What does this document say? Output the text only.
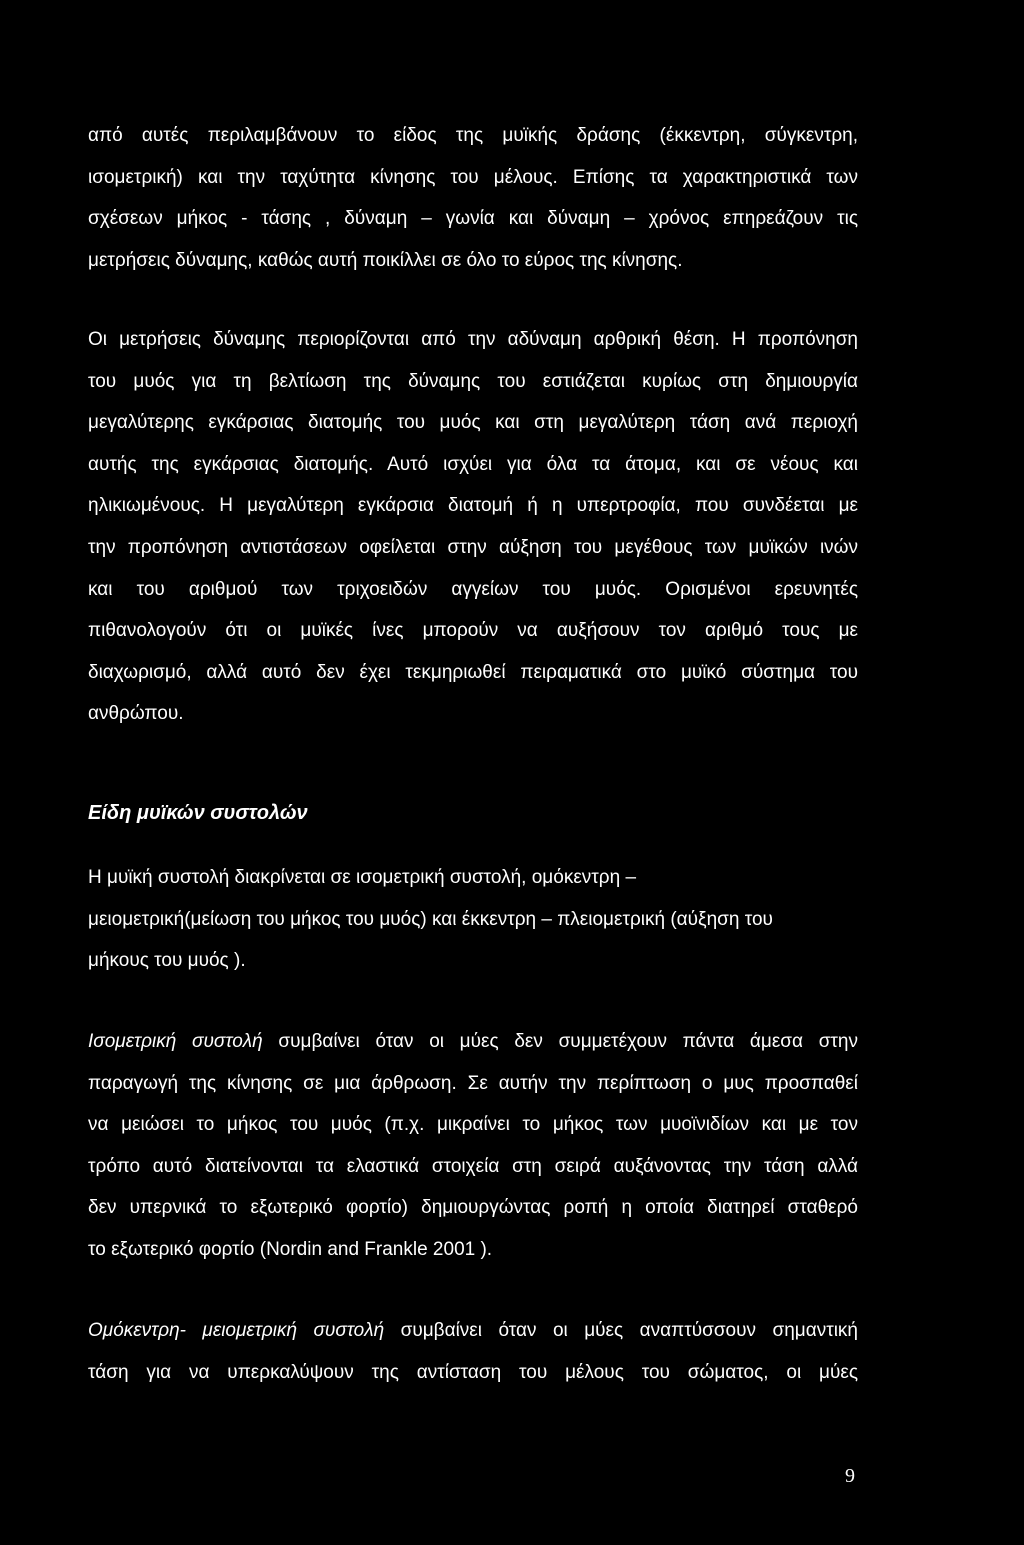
από αυτές περιλαμβάνουν το είδος της μυϊκής δράσης (έκκεντρη, σύγκεντρη,
ισομετρική) και την ταχύτητα κίνησης του μέλους. Επίσης τα χαρακτηριστικά των
σχέσεων μήκος - τάσης , δύναμη – γωνία και δύναμη – χρόνος επηρεάζουν τις
μετρήσεις δύναμης, καθώς αυτή ποικίλλει σε όλο το εύρος της κίνησης.
Οι μετρήσεις δύναμης περιορίζονται από την αδύναμη αρθρική θέση. Η προπόνηση
του μυός για τη βελτίωση της δύναμης του εστιάζεται κυρίως στη δημιουργία
μεγαλύτερης εγκάρσιας διατομής του μυός και στη μεγαλύτερη τάση ανά περιοχή
αυτής της εγκάρσιας διατομής. Αυτό ισχύει για όλα τα άτομα, και σε νέους και
ηλικιωμένους. Η μεγαλύτερη εγκάρσια διατομή ή η υπερτροφία, που συνδέεται με
την προπόνηση αντιστάσεων οφείλεται στην αύξηση του μεγέθους των μυϊκών ινών
και του αριθμού των τριχοειδών αγγείων του μυός. Ορισμένοι ερευνητές
πιθανολογούν ότι οι μυϊκές ίνες μπορούν να αυξήσουν τον αριθμό τους με
διαχωρισμό, αλλά αυτό δεν έχει τεκμηριωθεί πειραματικά στο μυϊκό σύστημα του
ανθρώπου.
Είδη μυϊκών συστολών
Η μυϊκή συστολή διακρίνεται σε ισομετρική συστολή, ομόκεντρη –
μειομετρική(μείωση του μήκος του μυός) και έκκεντρη – πλειομετρική (αύξηση του
μήκους του μυός ).
Ισομετρική συστολή συμβαίνει όταν οι μύες δεν συμμετέχουν πάντα άμεσα στην
παραγωγή της κίνησης σε μια άρθρωση. Σε αυτήν την περίπτωση ο μυς προσπαθεί
να μειώσει το μήκος του μυός (π.χ. μικραίνει το μήκος των μυοϊνιδίων και με τον
τρόπο αυτό διατείνονται τα ελαστικά στοιχεία στη σειρά αυξάνοντας την τάση αλλά
δεν υπερνικά το εξωτερικό φορτίο) δημιουργώντας ροπή η οποία διατηρεί σταθερό
το εξωτερικό φορτίο (Nordin and Frankle 2001 ).
Ομόκεντρη- μειομετρική συστολή συμβαίνει όταν οι μύες αναπτύσσουν σημαντική
τάση για να υπερκαλύψουν της αντίσταση του μέλους του σώματος, οι μύες
9
